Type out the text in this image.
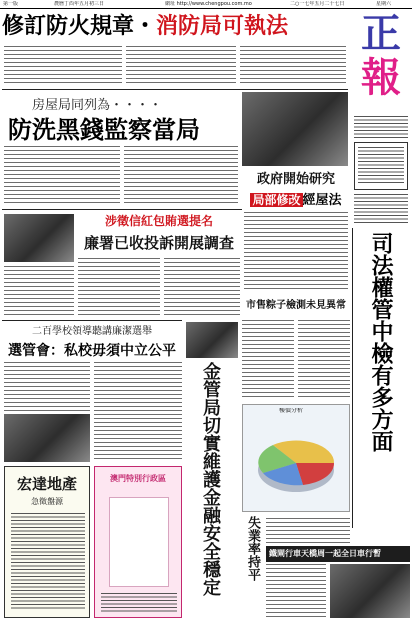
第一版	農曆丁酉年五月初三日	網址 http://www.chengpou.com.mo	二○一七年五月二十七日	星期六
修訂防火規章・消防局可執法	正
報
房屋局同列為・・・・
防洗黑錢監察當局
政府開始研究
局部修改 經屋法
司法權管中檢有多方面
涉徵信紅包賄選提名
廉署已收投訴開展調查
二百學校領導聽講廉潔選舉
選管會：私校毋須中立公平
金管局切實維護金融安全穩定
市售粽子檢測未見異常
樓價分析
宏達地產
急徵盤源
澳門特別行政區
失業率持平	鐵閘行車天橋周一起全日車行暫
